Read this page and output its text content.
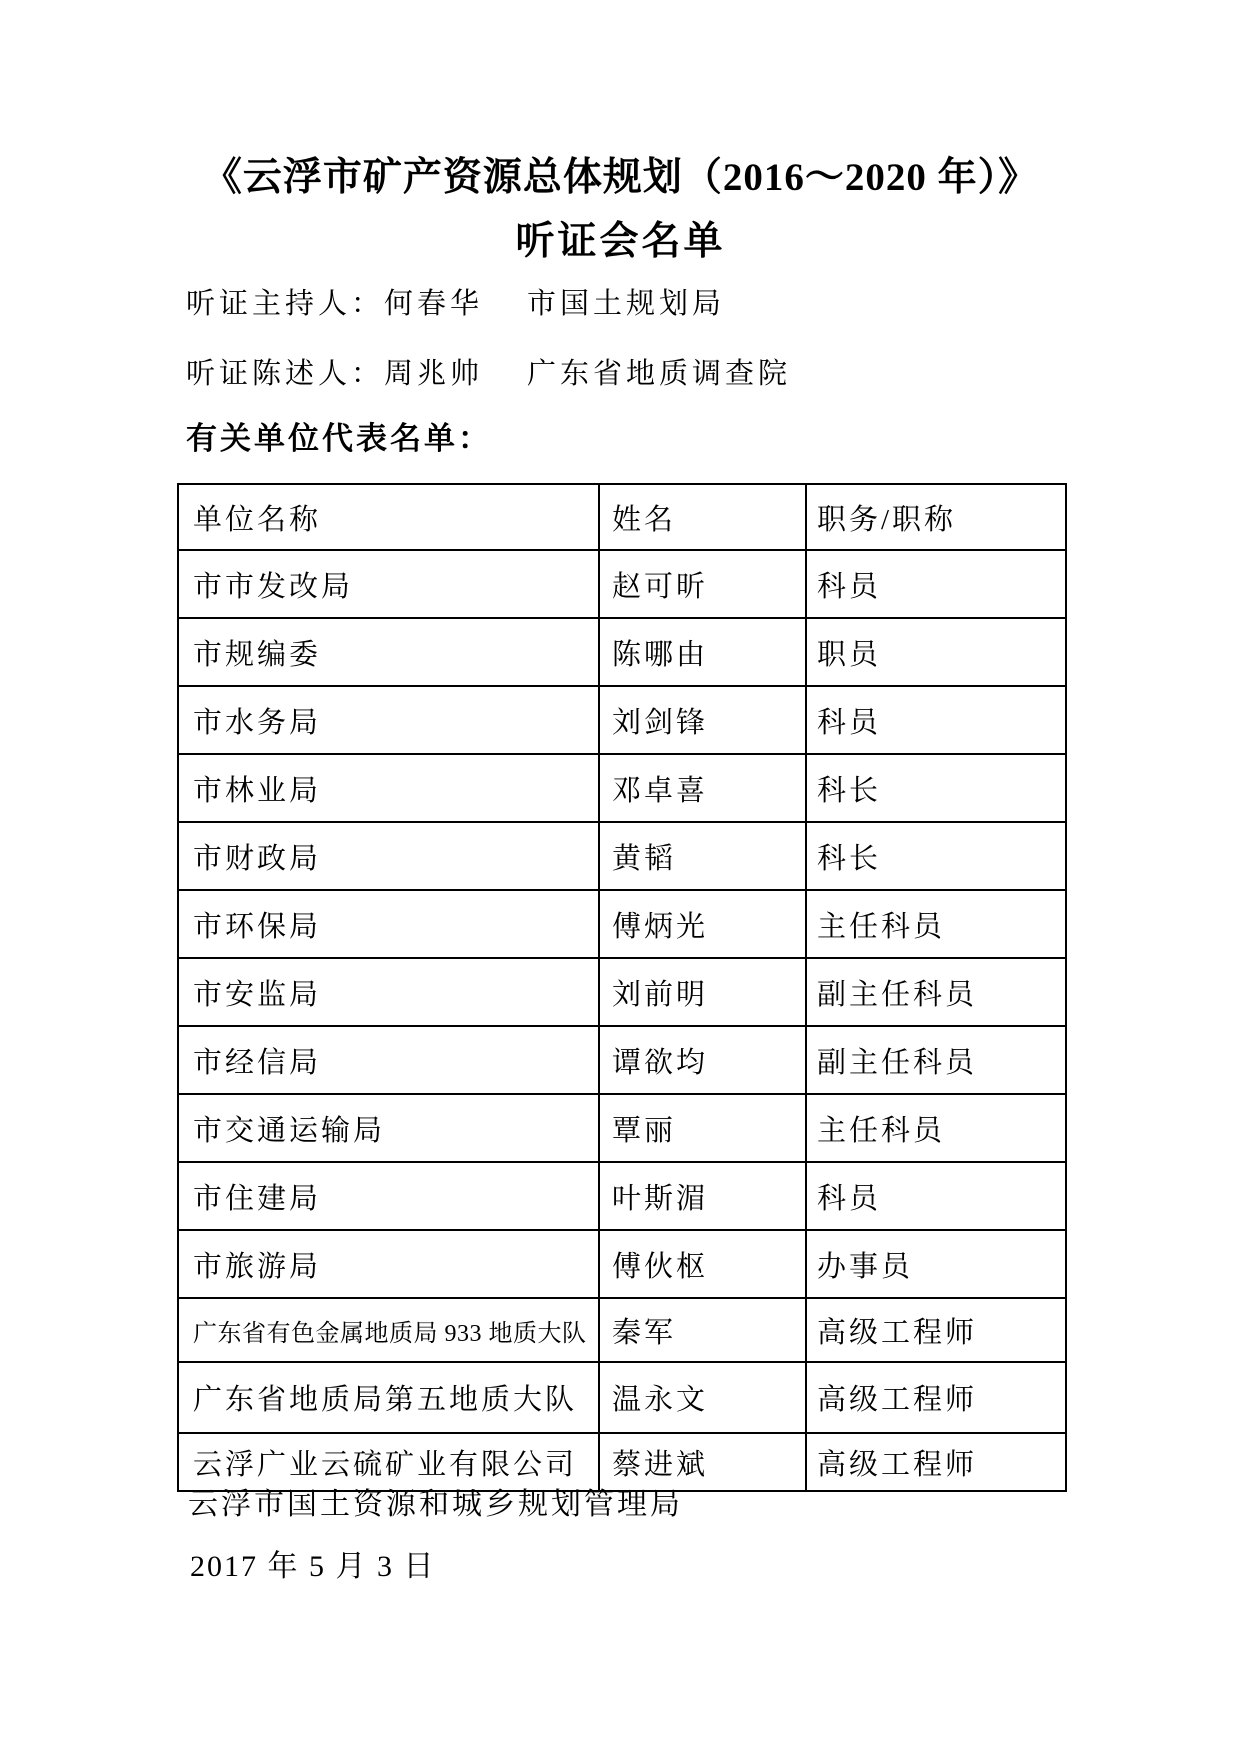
《云浮市矿产资源总体规划（2016～2020 年）》
听证会名单
听证主持人：何春华 市国土规划局
听证陈述人：周兆帅 广东省地质调查院
有关单位代表名单：
单位名称	姓名	职务/职称
市市发改局	赵可昕	科员
市规编委	陈哪由	职员
市水务局	刘剑锋	科员
市林业局	邓卓喜	科长
市财政局	黄韬	科长
市环保局	傅炳光	主任科员
市安监局	刘前明	副主任科员
市经信局	谭欲均	副主任科员
市交通运输局	覃丽	主任科员
市住建局	叶斯湄	科员
市旅游局	傅伙枢	办事员
广东省有色金属地质局 933 地质大队	秦军	高级工程师
广东省地质局第五地质大队	温永文	高级工程师
云浮广业云硫矿业有限公司	蔡进斌	高级工程师
云浮市国土资源和城乡规划管理局
2017 年 5 月 3 日
